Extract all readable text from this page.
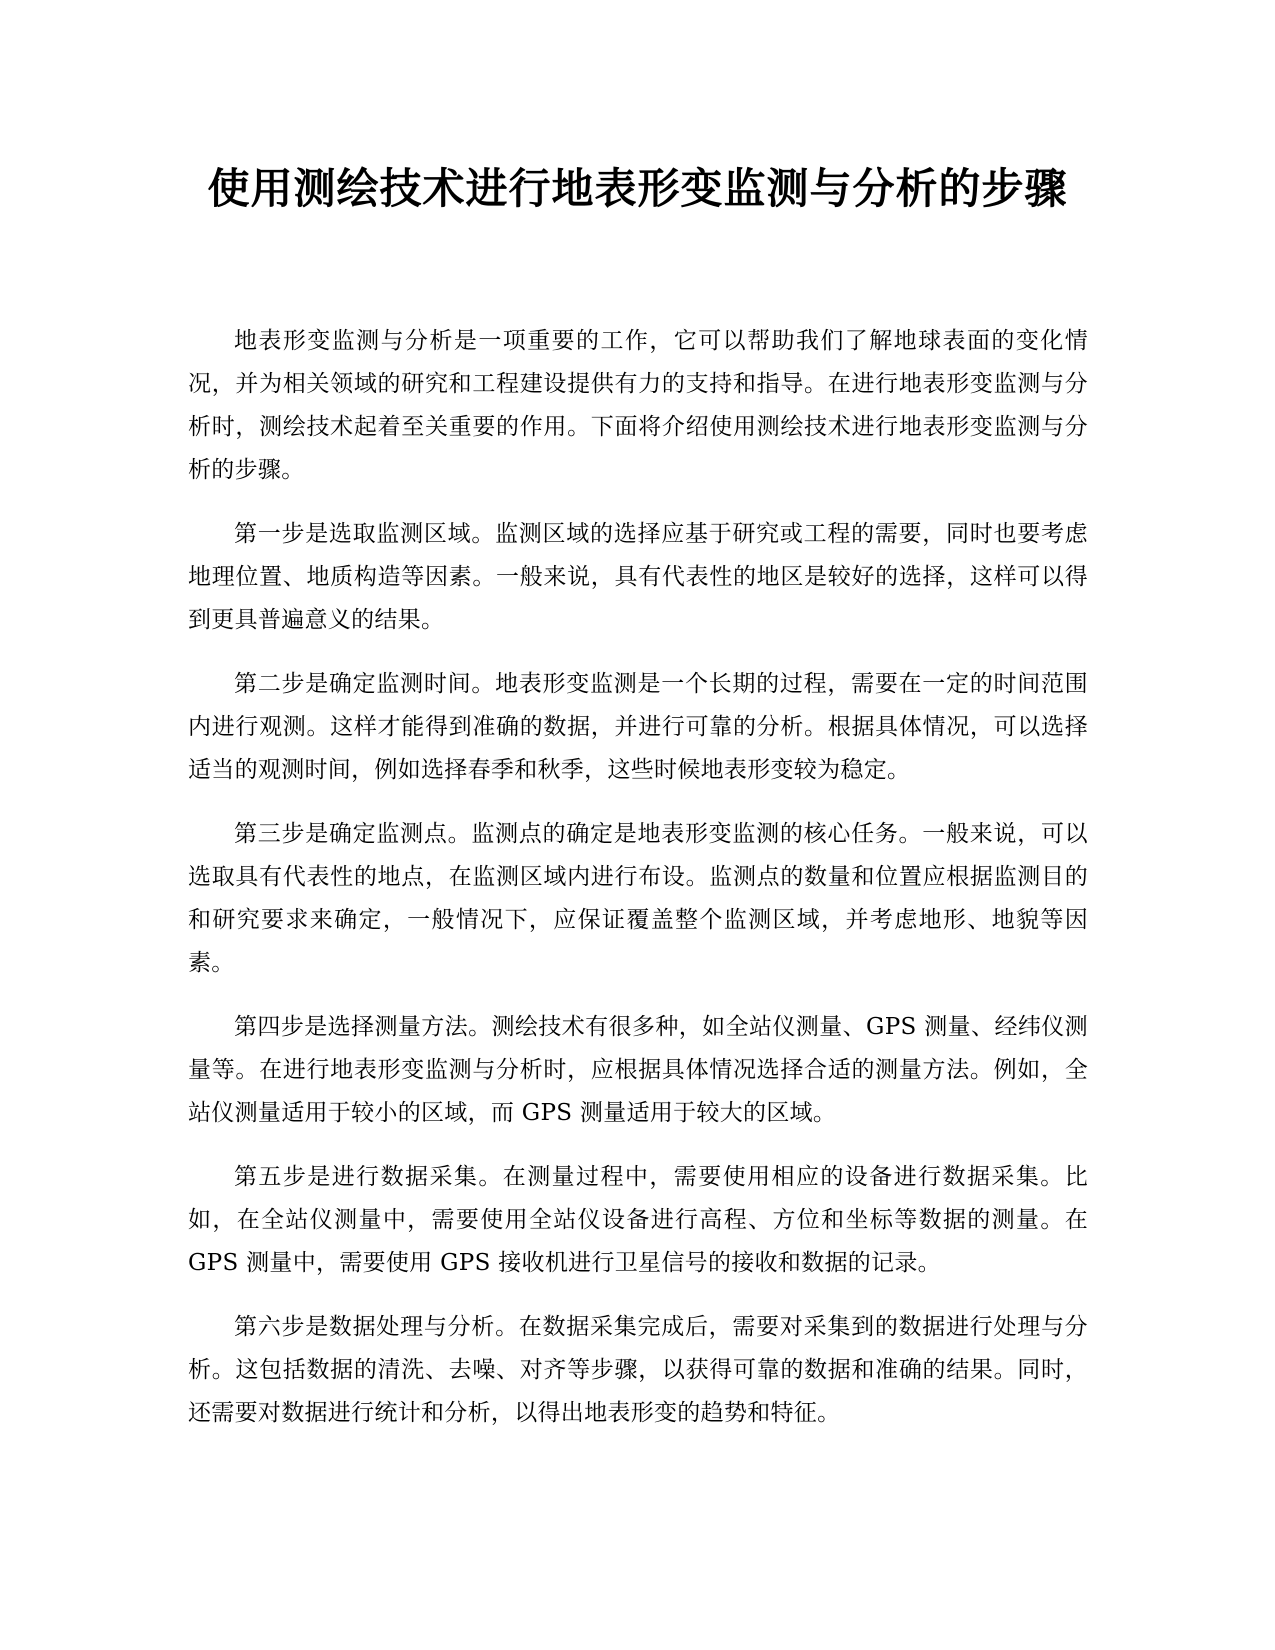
使用测绘技术进行地表形变监测与分析的步骤

地表形变监测与分析是一项重要的工作，它可以帮助我们了解地球表面的变化情况，并为相关领域的研究和工程建设提供有力的支持和指导。在进行地表形变监测与分析时，测绘技术起着至关重要的作用。下面将介绍使用测绘技术进行地表形变监测与分析的步骤。

第一步是选取监测区域。监测区域的选择应基于研究或工程的需要，同时也要考虑地理位置、地质构造等因素。一般来说，具有代表性的地区是较好的选择，这样可以得到更具普遍意义的结果。

第二步是确定监测时间。地表形变监测是一个长期的过程，需要在一定的时间范围内进行观测。这样才能得到准确的数据，并进行可靠的分析。根据具体情况，可以选择适当的观测时间，例如选择春季和秋季，这些时候地表形变较为稳定。

第三步是确定监测点。监测点的确定是地表形变监测的核心任务。一般来说，可以选取具有代表性的地点，在监测区域内进行布设。监测点的数量和位置应根据监测目的和研究要求来确定，一般情况下，应保证覆盖整个监测区域，并考虑地形、地貌等因素。

第四步是选择测量方法。测绘技术有很多种，如全站仪测量、GPS 测量、经纬仪测量等。在进行地表形变监测与分析时，应根据具体情况选择合适的测量方法。例如，全站仪测量适用于较小的区域，而 GPS 测量适用于较大的区域。

第五步是进行数据采集。在测量过程中，需要使用相应的设备进行数据采集。比如，在全站仪测量中，需要使用全站仪设备进行高程、方位和坐标等数据的测量。在 GPS 测量中，需要使用 GPS 接收机进行卫星信号的接收和数据的记录。

第六步是数据处理与分析。在数据采集完成后，需要对采集到的数据进行处理与分析。这包括数据的清洗、去噪、对齐等步骤，以获得可靠的数据和准确的结果。同时，还需要对数据进行统计和分析，以得出地表形变的趋势和特征。
